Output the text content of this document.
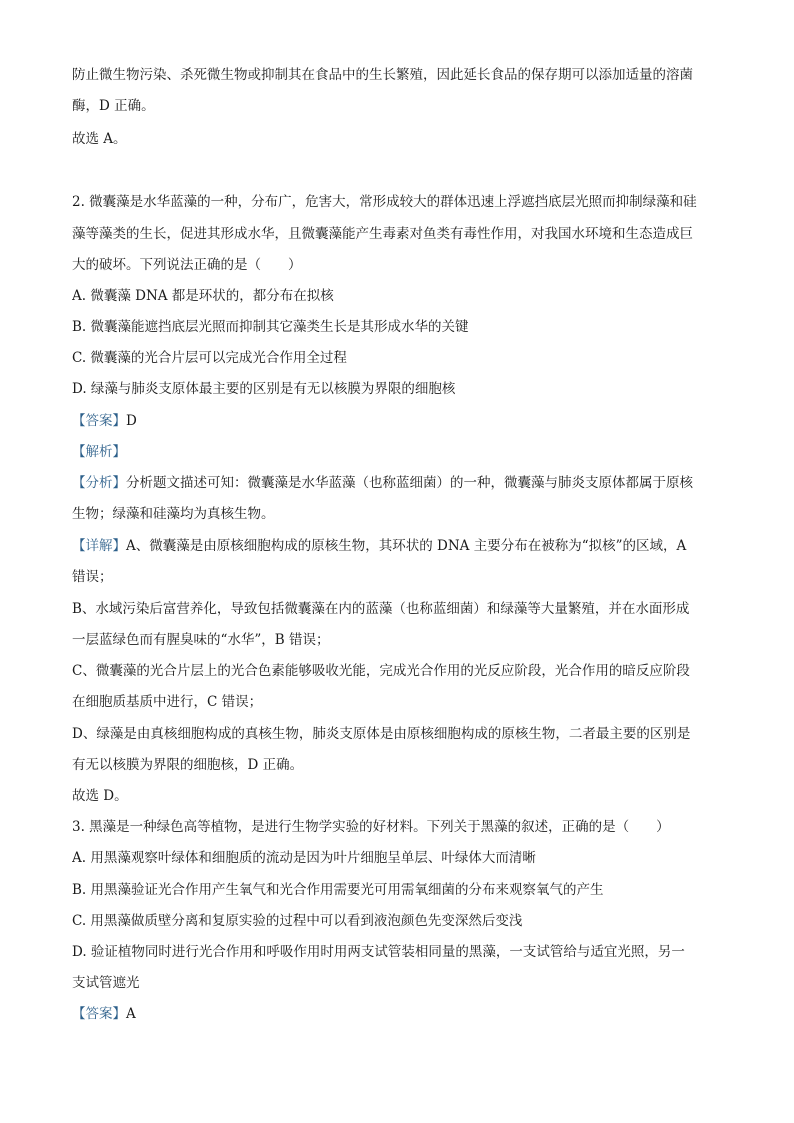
防止微生物污染、杀死微生物或抑制其在食品中的生长繁殖，因此延长食品的保存期可以添加适量的溶菌
酶，D 正确。
故选 A。
2. 微囊藻是水华蓝藻的一种，分布广，危害大，常形成较大的群体迅速上浮遮挡底层光照而抑制绿藻和硅
藻等藻类的生长，促进其形成水华，且微囊藻能产生毒素对鱼类有毒性作用，对我国水环境和生态造成巨
大的破坏。下列说法正确的是（　　）
A. 微囊藻 DNA 都是环状的，都分布在拟核
B. 微囊藻能遮挡底层光照而抑制其它藻类生长是其形成水华的关键
C. 微囊藻的光合片层可以完成光合作用全过程
D. 绿藻与肺炎支原体最主要的区别是有无以核膜为界限的细胞核
【答案】D
【解析】
【分析】分析题文描述可知：微囊藻是水华蓝藻（也称蓝细菌）的一种，微囊藻与肺炎支原体都属于原核
生物；绿藻和硅藻均为真核生物。
【详解】A、微囊藻是由原核细胞构成的原核生物，其环状的 DNA 主要分布在被称为“拟核”的区域，A
错误；
B、水域污染后富营养化，导致包括微囊藻在内的蓝藻（也称蓝细菌）和绿藻等大量繁殖，并在水面形成
一层蓝绿色而有腥臭味的“水华”，B 错误；
C、微囊藻的光合片层上的光合色素能够吸收光能，完成光合作用的光反应阶段，光合作用的暗反应阶段
在细胞质基质中进行，C 错误；
D、绿藻是由真核细胞构成的真核生物，肺炎支原体是由原核细胞构成的原核生物，二者最主要的区别是
有无以核膜为界限的细胞核，D 正确。
故选 D。
3. 黑藻是一种绿色高等植物，是进行生物学实验的好材料。下列关于黑藻的叙述，正确的是（　　）
A. 用黑藻观察叶绿体和细胞质的流动是因为叶片细胞呈单层、叶绿体大而清晰
B. 用黑藻验证光合作用产生氧气和光合作用需要光可用需氧细菌的分布来观察氧气的产生
C. 用黑藻做质壁分离和复原实验的过程中可以看到液泡颜色先变深然后变浅
D. 验证植物同时进行光合作用和呼吸作用时用两支试管装相同量的黑藻，一支试管给与适宜光照，另一
支试管遮光
【答案】A
